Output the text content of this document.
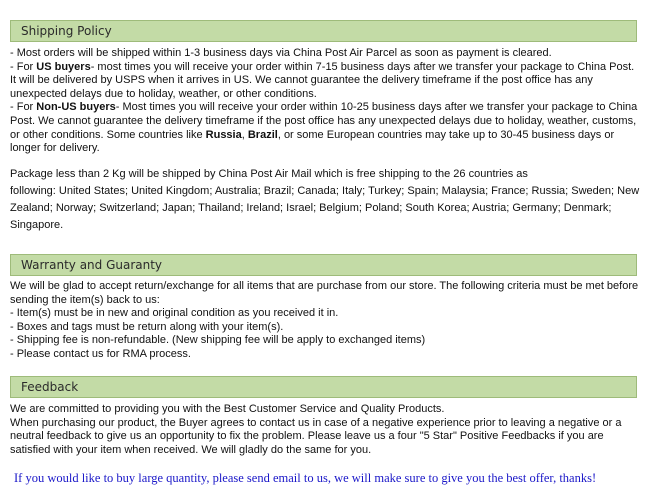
Shipping Policy

- Most orders will be shipped within 1-3 business days via China Post Air Parcel as soon as payment is cleared.

- For US buyers- most times you will receive your order within 7-15 business days after we transfer your package to China Post. It will be delivered by USPS when it arrives in US. We cannot guarantee the delivery timeframe if the post office has any unexpected delays due to holiday, weather, or other conditions.

- For Non-US buyers- Most times you will receive your order within 10-25 business days after we transfer your package to China Post. We cannot guarantee the delivery timeframe if the post office has any unexpected delays due to holiday, weather, customs, or other conditions. Some countries like Russia, Brazil, or some European countries may take up to 30-45 business days or longer for delivery.

Package less than 2 Kg will be shipped by China Post Air Mail which is free shipping to the 26 countries as

following: United States; United Kingdom; Australia; Brazil; Canada; Italy; Turkey; Spain; Malaysia; France; Russia; Sweden; New Zealand; Norway; Switzerland; Japan; Thailand; Ireland; Israel; Belgium; Poland; South Korea; Austria; Germany; Denmark; Singapore.

Warranty and Guaranty

We will be glad to accept return/exchange for all items that are purchase from our store. The following criteria must be met before sending the item(s) back to us:

- Item(s) must be in new and original condition as you received it in.

- Boxes and tags must be return along with your item(s).

- Shipping fee is non-refundable. (New shipping fee will be apply to exchanged items)

- Please contact us for RMA process.

Feedback

We are committed to providing you with the Best Customer Service and Quality Products.

When purchasing our product, the Buyer agrees to contact us in case of a negative experience prior to leaving a negative or a neutral feedback to give us an opportunity to fix the problem. Please leave us a four "5 Star" Positive Feedbacks if you are satisfied with your item when received. We will gladly do the same for you.

If you would like to buy large quantity, please send email to us, we will make sure to give you the best offer, thanks!
